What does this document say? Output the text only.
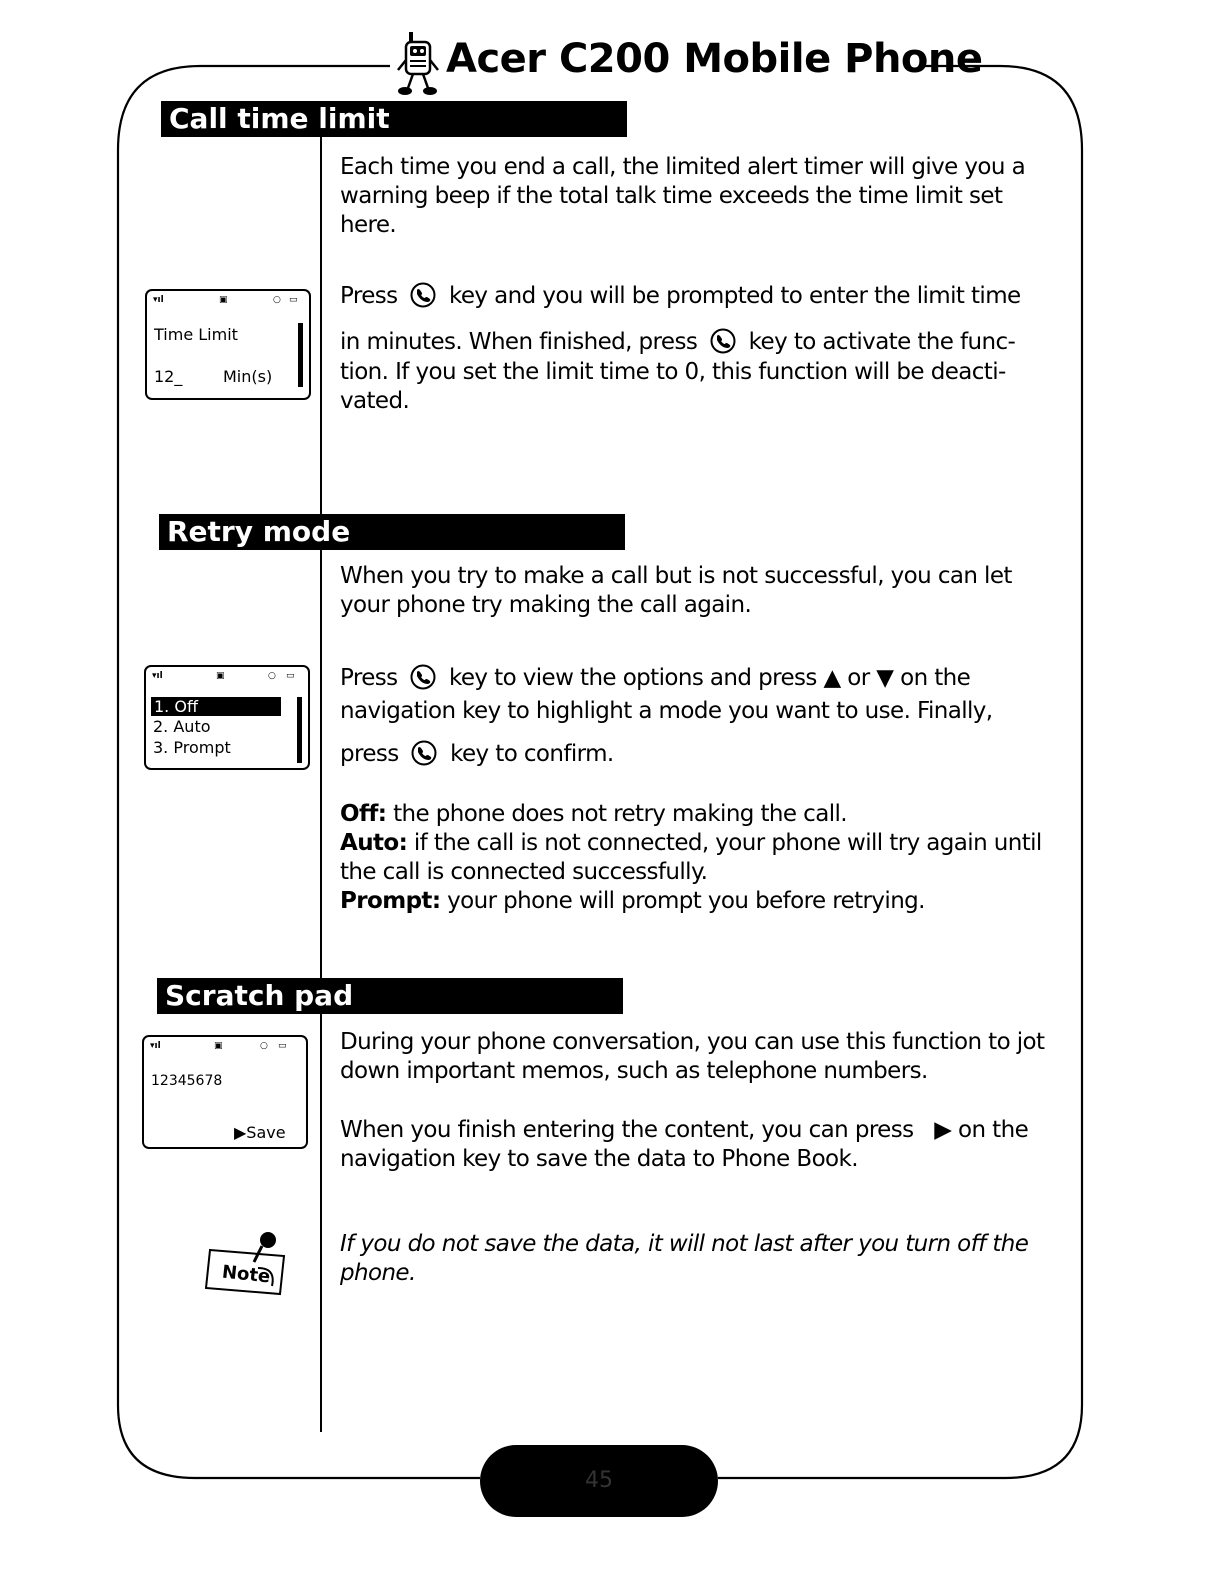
Acer C200 Mobile Phone
Call time limit

Each time you end a call, the limited alert timer will give you a warning beep if the total talk time exceeds the time limit set here.

Press key and you will be prompted to enter the limit time

in minutes. When finished, press key to activate the func-

tion. If you set the limit time to 0, this function will be deacti-

vated.

▾ıl	▣	○ ▭
Time Limit
12_	Min(s)
Retry mode

When you try to make a call but is not successful, you can let your phone try making the call again.

Press key to view the options and press ▲ or ▼ on the

navigation key to highlight a mode you want to use. Finally,

press key to confirm.

Off: the phone does not retry making the call.

Auto: if the call is not connected, your phone will try again until the call is connected successfully.

Prompt: your phone will prompt you before retrying.

▾ıl	▣	○ ▭
1. Off
2. Auto
3. Prompt
Scratch pad

During your phone conversation, you can use this function to jot down important memos, such as telephone numbers.

When you finish entering the content, you can press ▶ on the

navigation key to save the data to Phone Book.

If you do not save the data, it will not last after you turn off the phone.

▾ıl	▣	○ ▭
12345678
▶Save
Note
45
